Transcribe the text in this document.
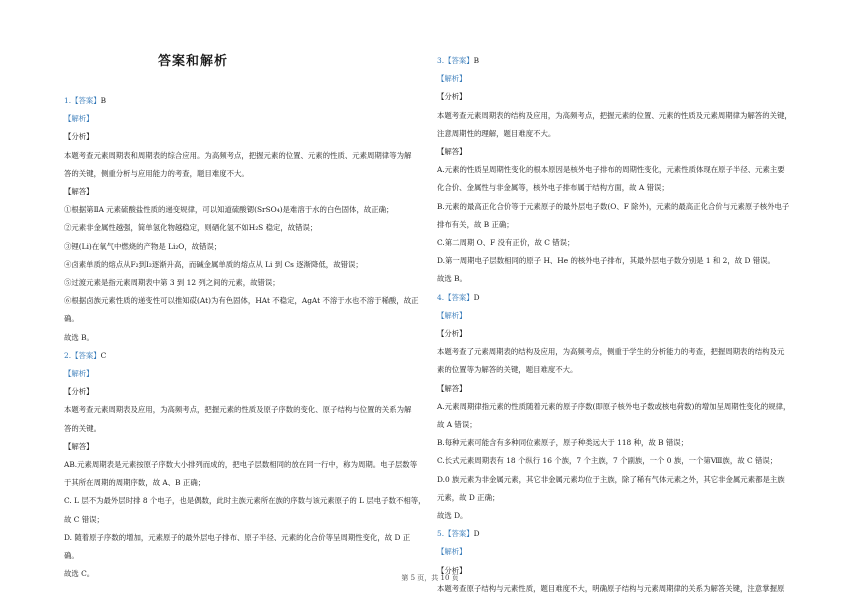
答案和解析
1.【答案】B
【解析】
【分析】
本题考查元素周期表和周期表的综合应用。为高频考点，把握元素的位置、元素的性质、元素周期律等为解
答的关键，侧重分析与应用能力的考查，题目难度不大。
【解答】
①根据第ⅡA 元素硫酸盐性质的递变规律，可以知道硫酸锶(SrSO₄)是难溶于水的白色固体，故正确；
②元素非金属性越强，简单氢化物越稳定，则硒化氢不如H₂S 稳定，故错误；
③锂(Li)在氧气中燃烧的产物是 Li₂O，故错误；
④卤素单质的熔点从F₂到I₂逐渐升高，而碱金属单质的熔点从 Li 到 Cs 逐渐降低，故错误；
⑤过渡元素是指元素周期表中第 3 到 12 列之间的元素，故错误；
⑥根据卤族元素性质的递变性可以推知砹(At)为有色固体，HAt 不稳定，AgAt 不溶于水也不溶于稀酸，故正
确。
故选 B。
2.【答案】C
【解析】
【分析】
本题考查元素周期表及应用，为高频考点，把握元素的性质及原子序数的变化、原子结构与位置的关系为解
答的关键。
【解答】
AB.元素周期表是元素按原子序数大小排列而成的，把电子层数相同的放在同一行中，称为周期。电子层数等
于其所在周期的周期序数，故 A、B 正确；
C. L 层不为最外层时排 8 个电子，也是偶数，此时主族元素所在族的序数与该元素原子的 L 层电子数不相等，
故 C 错误；
D. 随着原子序数的增加，元素原子的最外层电子排布、原子半径、元素的化合价等呈周期性变化，故 D 正
确。
故选 C。
3.【答案】B
【解析】
【分析】
本题考查元素周期表的结构及应用，为高频考点，把握元素的位置、元素的性质及元素周期律为解答的关键，
注意周期性的理解，题目难度不大。
【解答】
A.元素的性质呈周期性变化的根本原因是核外电子排布的周期性变化，元素性质体现在原子半径、元素主要
化合价、金属性与非金属等，核外电子排布属于结构方面，故 A 错误；
B.元素的最高正化合价等于元素原子的最外层电子数(O、F 除外)，元素的最高正化合价与元素原子核外电子
排布有关，故 B 正确；
C.第二周期 O、F 没有正价，故 C 错误；
D.第一周期电子层数相同的原子 H、He 的核外电子排布，其最外层电子数分别是 1 和 2，故 D 错误。
故选 B。
4.【答案】D
【解析】
【分析】
本题考查了元素周期表的结构及应用，为高频考点，侧重于学生的分析能力的考查，把握周期表的结构及元
素的位置等为解答的关键，题目难度不大。
【解答】
A.元素周期律指元素的性质随着元素的原子序数(即原子核外电子数或核电荷数)的增加呈周期性变化的规律，
故 A 错误；
B.每种元素可能含有多种同位素原子，原子种类远大于 118 种，故 B 错误；
C.长式元素周期表有 18 个纵行 16 个族，7 个主族，7 个副族，一个 0 族，一个第Ⅷ族，故 C 错误；
D.0 族元素为非金属元素，其它非金属元素均位于主族，除了稀有气体元素之外，其它非金属元素都是主族
元素，故 D 正确；
故选 D。
5.【答案】D
【解析】
【分析】
本题考查原子结构与元素性质，题目难度不大，明确原子结构与元素周期律的关系为解答关键，注意掌握原
第 5 页，共 10 页
